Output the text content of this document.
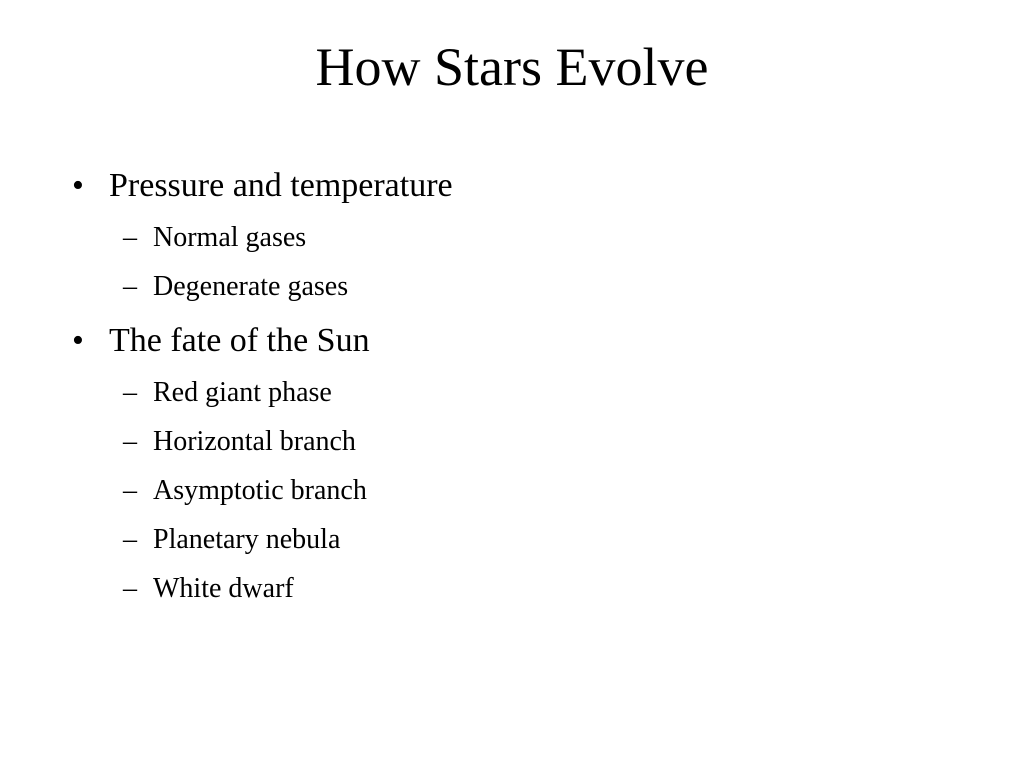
How Stars Evolve
• Pressure and temperature
– Normal gases
– Degenerate gases
• The fate of the Sun
– Red giant phase
– Horizontal branch
– Asymptotic branch
– Planetary nebula
– White dwarf
